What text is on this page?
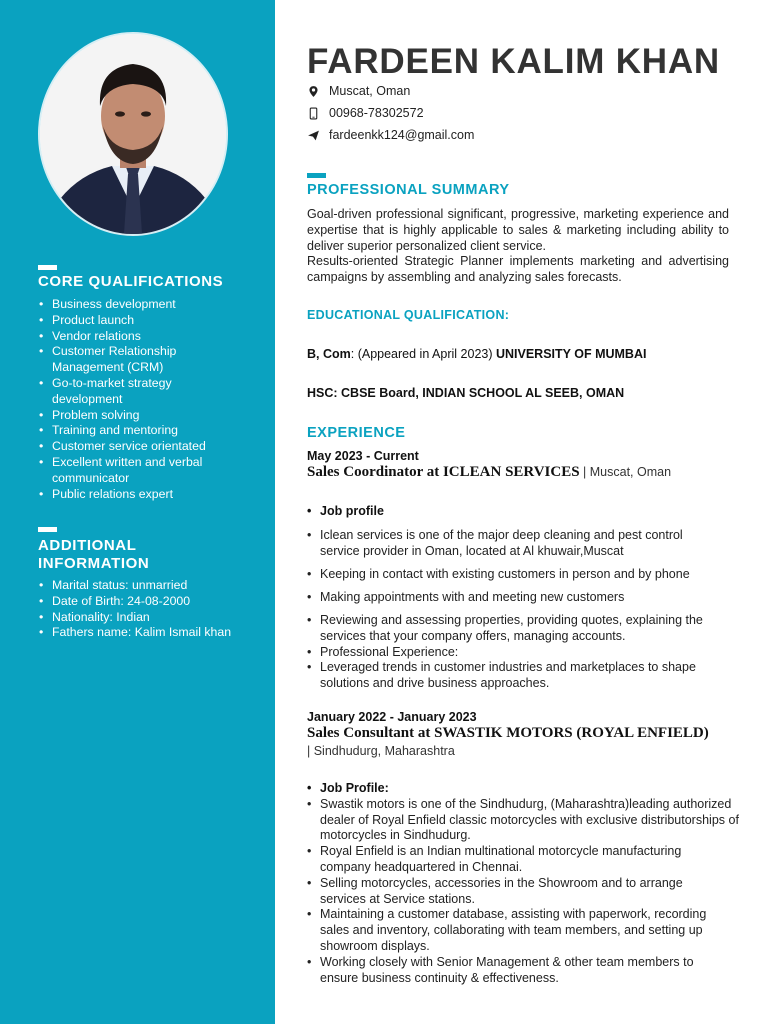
CORE QUALIFICATIONS
• Business development
• Product launch
• Vendor relations
• Customer Relationship Management (CRM)
• Go-to-market strategy development
• Problem solving
• Training and mentoring
• Customer service orientated
• Excellent written and verbal communicator
• Public relations expert
ADDITIONAL
INFORMATION
• Marital status: unmarried
• Date of Birth: 24-08-2000
• Nationality: Indian
• Fathers name: Kalim Ismail khan
FARDEEN KALIM KHAN
Muscat, Oman
00968-78302572
fardeenkk124@gmail.com
PROFESSIONAL SUMMARY

Goal-driven professional significant, progressive, marketing experience and expertise that is highly applicable to sales & marketing including ability to deliver superior personalized client service.

Results-oriented Strategic Planner implements marketing and advertising campaigns by assembling and analyzing sales forecasts.

EDUCATIONAL QUALIFICATION:
B, Com: (Appeared in April 2023) UNIVERSITY OF MUMBAI
HSC: CBSE Board, INDIAN SCHOOL AL SEEB, OMAN
EXPERIENCE
May 2023 - Current
Sales Coordinator at ICLEAN SERVICES | Muscat, Oman
• Job profile
• Iclean services is one of the major deep cleaning and pest control service provider in Oman, located at Al khuwair,Muscat
• Keeping in contact with existing customers in person and by phone
• Making appointments with and meeting new customers
• Reviewing and assessing properties, providing quotes, explaining the services that your company offers, managing accounts.
• Professional Experience:
• Leveraged trends in customer industries and marketplaces to shape solutions and drive business approaches.
January 2022 - January 2023
Sales Consultant at SWASTIK MOTORS (ROYAL ENFIELD)
| Sindhudurg, Maharashtra
• Job Profile:
• Swastik motors is one of the Sindhudurg, (Maharashtra)leading authorized dealer of Royal Enfield classic motorcycles with exclusive distributorships of motorcycles in Sindhudurg.
• Royal Enfield is an Indian multinational motorcycle manufacturing company headquartered in Chennai.
• Selling motorcycles, accessories in the Showroom and to arrange services at Service stations.
• Maintaining a customer database, assisting with paperwork, recording sales and inventory, collaborating with team members, and setting up showroom displays.
• Working closely with Senior Management & other team members to ensure business continuity & effectiveness.
